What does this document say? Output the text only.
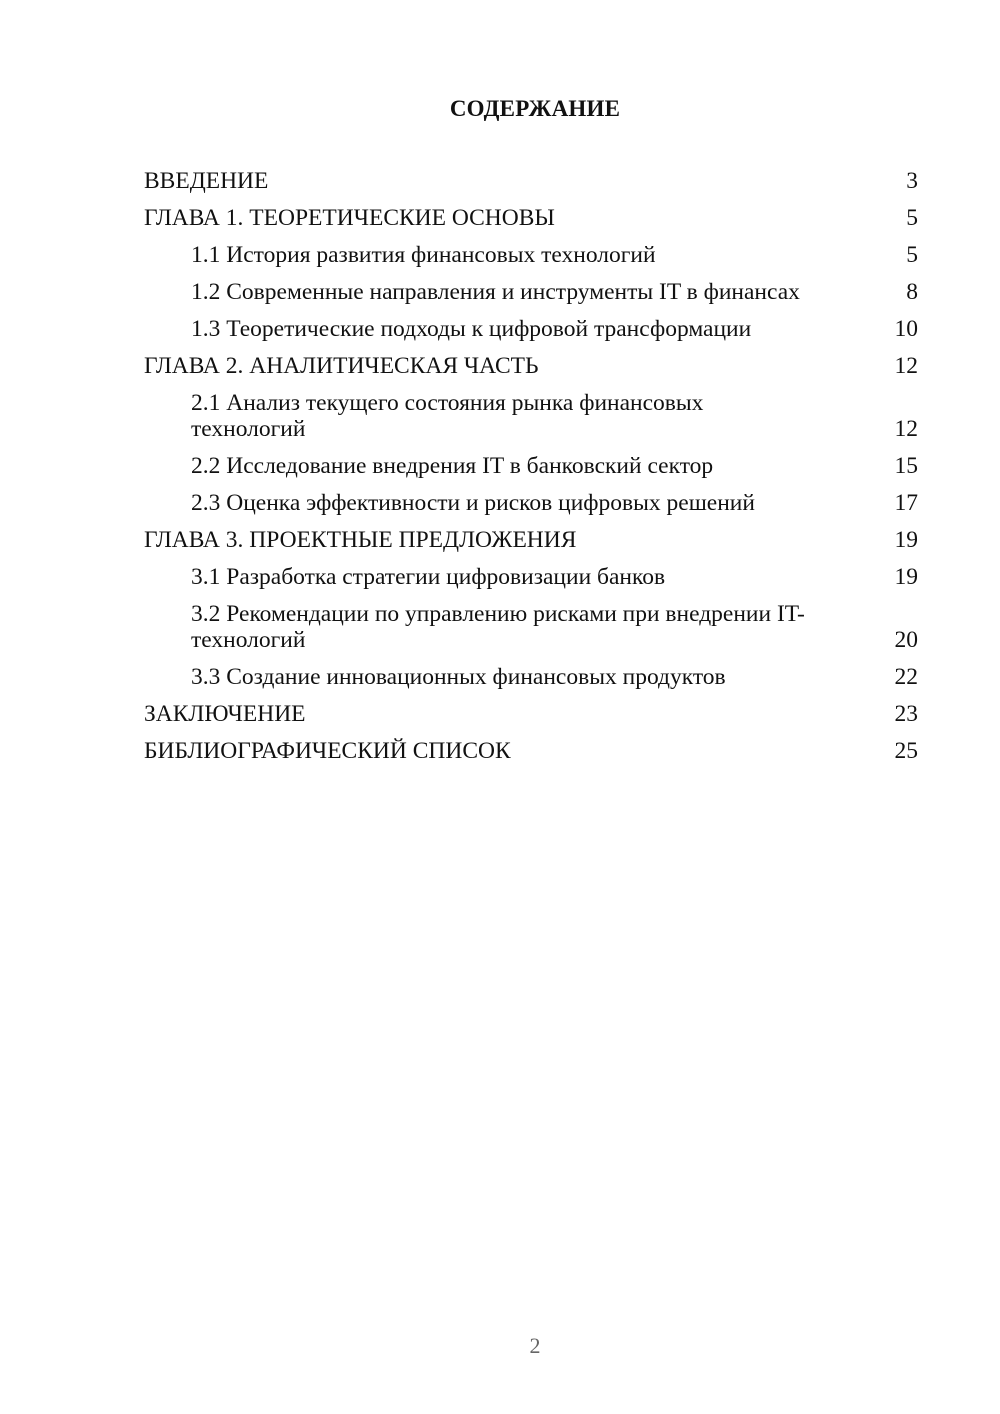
СОДЕРЖАНИЕ
ВВЕДЕНИЕ	3
ГЛАВА 1. ТЕОРЕТИЧЕСКИЕ ОСНОВЫ	5
1.1 История развития финансовых технологий	5
1.2 Современные направления и инструменты IT в финансах	8
1.3 Теоретические подходы к цифровой трансформации	10
ГЛАВА 2. АНАЛИТИЧЕСКАЯ ЧАСТЬ	12
2.1 Анализ текущего состояния рынка финансовых технологий	12
2.2 Исследование внедрения IT в банковский сектор	15
2.3 Оценка эффективности и рисков цифровых решений	17
ГЛАВА 3. ПРОЕКТНЫЕ ПРЕДЛОЖЕНИЯ	19
3.1 Разработка стратегии цифровизации банков	19
3.2 Рекомендации по управлению рисками при внедрении IT-технологий	20
3.3 Создание инновационных финансовых продуктов	22
ЗАКЛЮЧЕНИЕ	23
БИБЛИОГРАФИЧЕСКИЙ СПИСОК	25
2
